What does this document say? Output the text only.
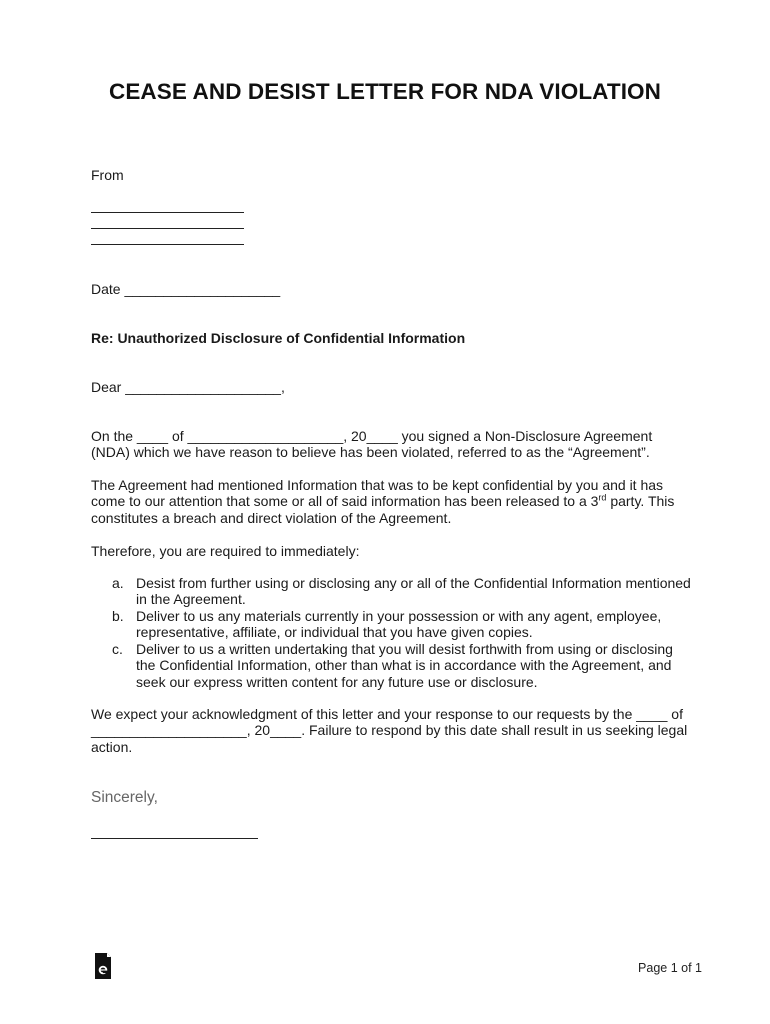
CEASE AND DESIST LETTER FOR NDA VIOLATION
From
Date ____________________
Re: Unauthorized Disclosure of Confidential Information
Dear ____________________,
On the ____ of ____________________, 20____ you signed a Non-Disclosure Agreement (NDA) which we have reason to believe has been violated, referred to as the “Agreement”.
The Agreement had mentioned Information that was to be kept confidential by you and it has come to our attention that some or all of said information has been released to a 3rd party. This constitutes a breach and direct violation of the Agreement.
Therefore, you are required to immediately:
a. Desist from further using or disclosing any or all of the Confidential Information mentioned in the Agreement.
b. Deliver to us any materials currently in your possession or with any agent, employee, representative, affiliate, or individual that you have given copies.
c. Deliver to us a written undertaking that you will desist forthwith from using or disclosing the Confidential Information, other than what is in accordance with the Agreement, and seek our express written content for any future use or disclosure.
We expect your acknowledgment of this letter and your response to our requests by the ____ of ____________________, 20____. Failure to respond by this date shall result in us seeking legal action.
Sincerely,
Page 1 of 1
